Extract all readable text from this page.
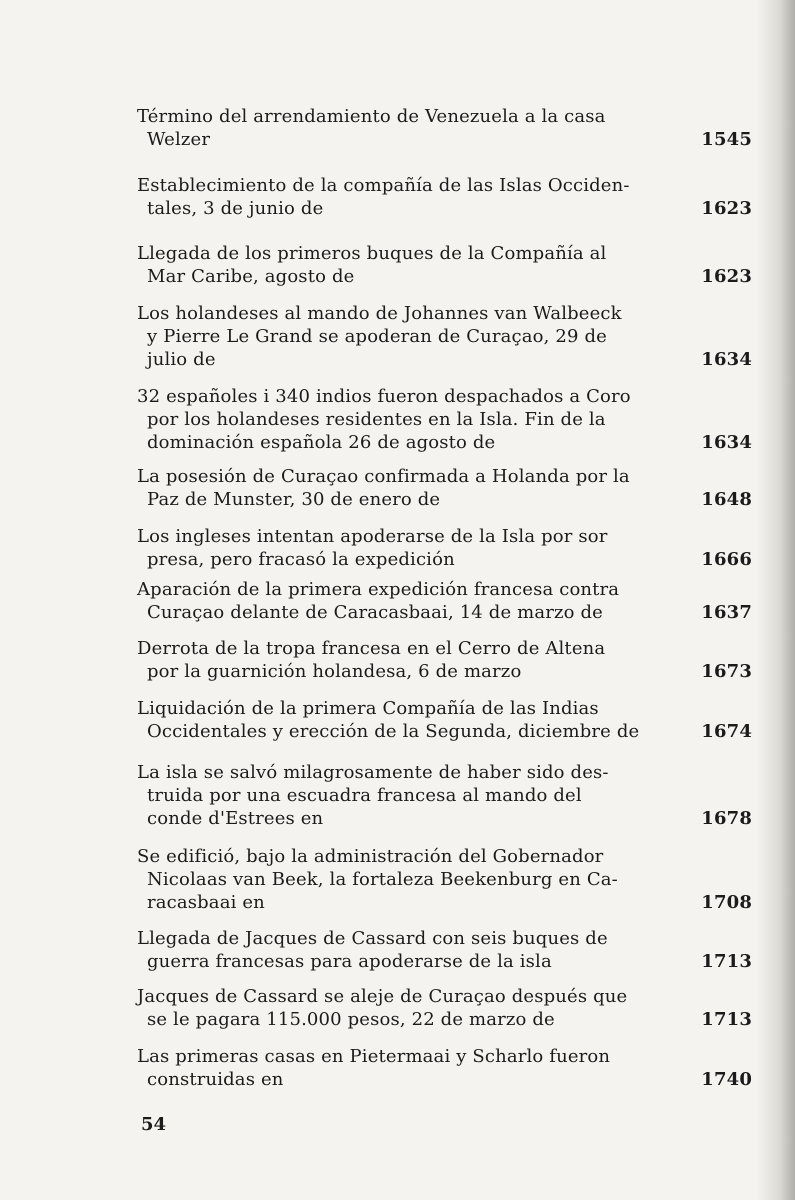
Término del arrendamiento de Venezuela a la casa
Welzer	1545
Establecimiento de la compañía de las Islas Occiden-
tales, 3 de junio de	1623
Llegada de los primeros buques de la Compañía al
Mar Caribe, agosto de	1623
Los holandeses al mando de Johannes van Walbeeck
y Pierre Le Grand se apoderan de Curaçao, 29 de
julio de	1634
32 españoles i 340 indios fueron despachados a Coro
por los holandeses residentes en la Isla. Fin de la
dominación española 26 de agosto de	1634
La posesión de Curaçao confirmada a Holanda por la
Paz de Munster, 30 de enero de	1648
Los ingleses intentan apoderarse de la Isla por sor
presa, pero fracasó la expedición	1666
Aparación de la primera expedición francesa contra
Curaçao delante de Caracasbaai, 14 de marzo de	1637
Derrota de la tropa francesa en el Cerro de Altena
por la guarnición holandesa, 6 de marzo	1673
Liquidación de la primera Compañía de las Indias
Occidentales y erección de la Segunda, diciembre de	1674
La isla se salvó milagrosamente de haber sido des-
truida por una escuadra francesa al mando del
conde d'Estrees en	1678
Se edifició, bajo la administración del Gobernador
Nicolaas van Beek, la fortaleza Beekenburg en Ca-
racasbaai en	1708
Llegada de Jacques de Cassard con seis buques de
guerra francesas para apoderarse de la isla	1713
Jacques de Cassard se aleje de Curaçao después que
se le pagara 115.000 pesos, 22 de marzo de	1713
Las primeras casas en Pietermaai y Scharlo fueron
construidas en	1740
54
